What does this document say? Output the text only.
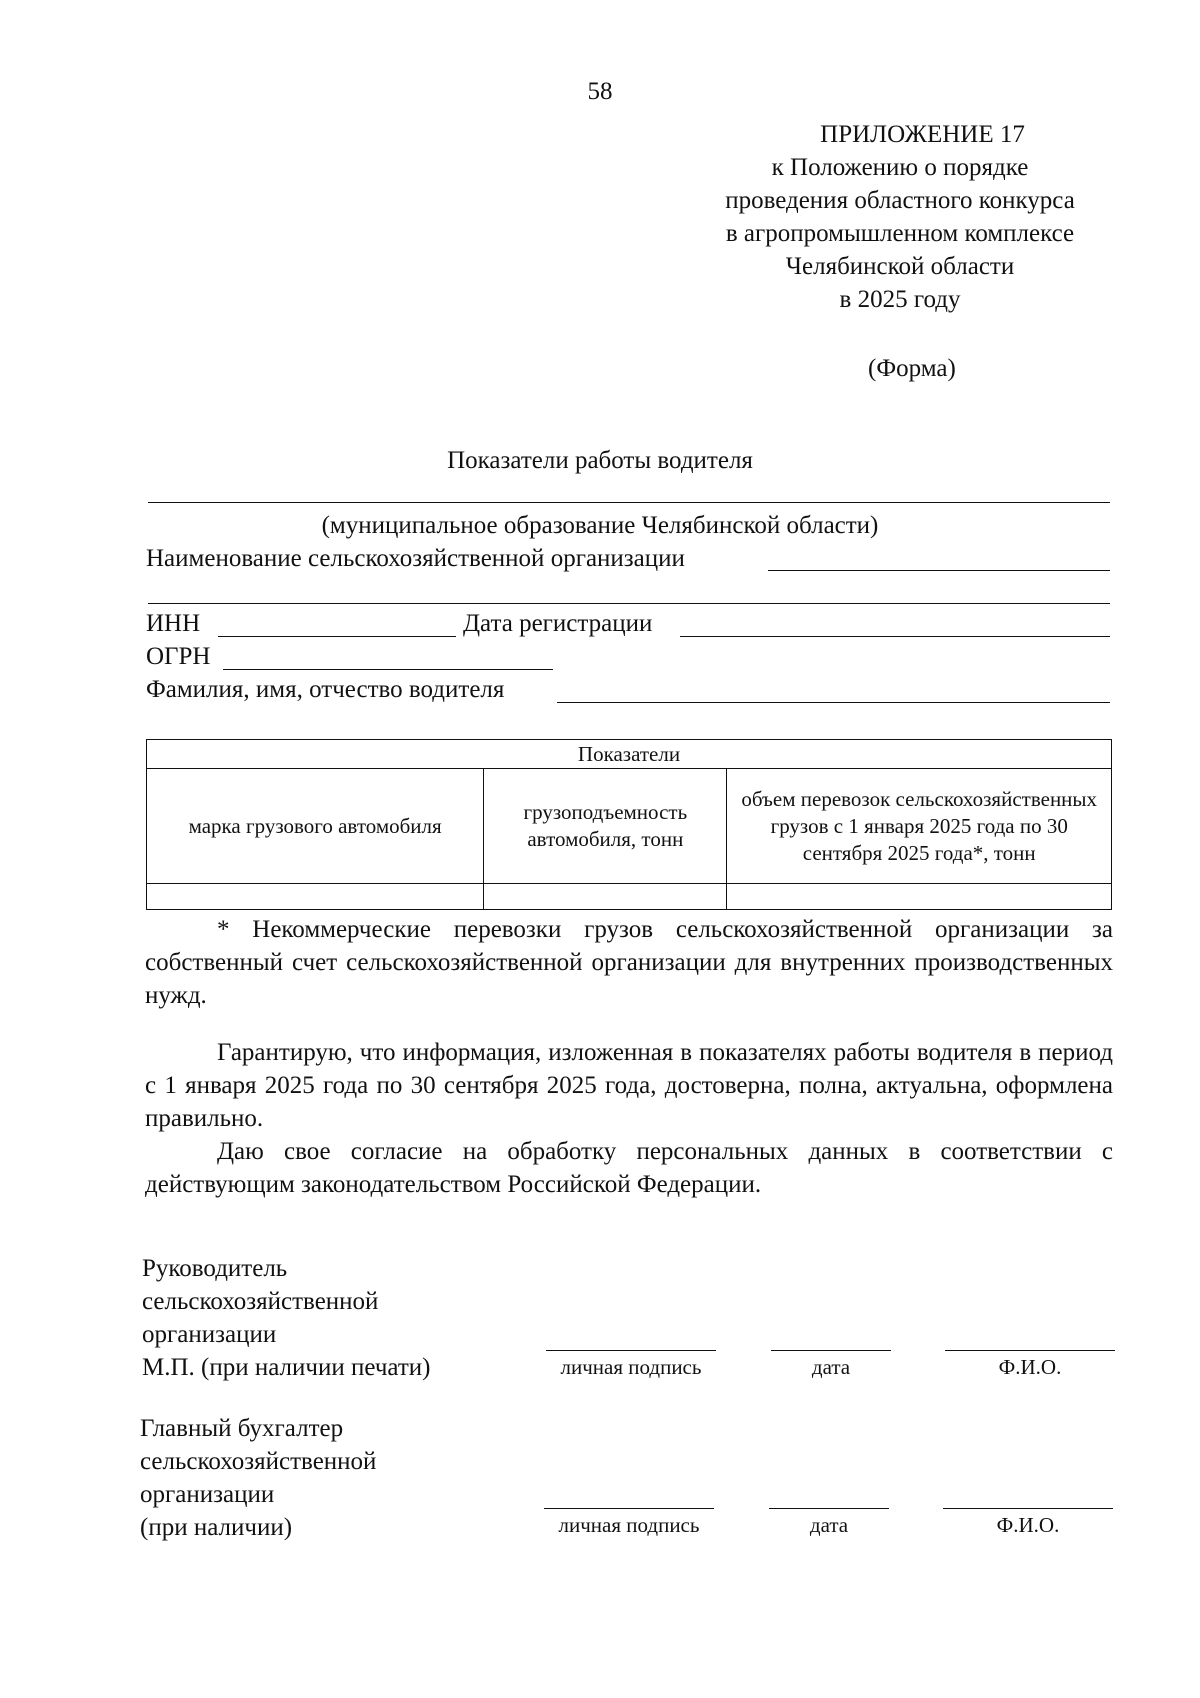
58
ПРИЛОЖЕНИЕ 17
к Положению о порядке
проведения областного конкурса
в агропромышленном комплексе
Челябинской области
в 2025 году
(Форма)
Показатели работы водителя
(муниципальное образование Челябинской области)
Наименование сельскохозяйственной организации
ИНН	Дата регистрации
ОГРН
Фамилия, имя, отчество водителя
Показатели		
марка грузового автомобиля	грузоподъемность автомобиля, тонн	объем перевозок сельскохозяйственных грузов с 1 января 2025 года по 30 сентября 2025 года*, тонн

* Некоммерческие перевозки грузов сельскохозяйственной организации за собственный счет сельскохозяйственной организации для внутренних производственных нужд.
Гарантирую, что информация, изложенная в показателях работы водителя в период с 1 января 2025 года по 30 сентября 2025 года, достоверна, полна, актуальна, оформлена правильно.
Даю свое согласие на обработку персональных данных в соответствии с действующим законодательством Российской Федерации.
Руководитель
сельскохозяйственной
организации
М.П. (при наличии печати)	личная подпись	дата	Ф.И.О.
Главный бухгалтер
сельскохозяйственной
организации
(при наличии)	личная подпись	дата	Ф.И.О.
